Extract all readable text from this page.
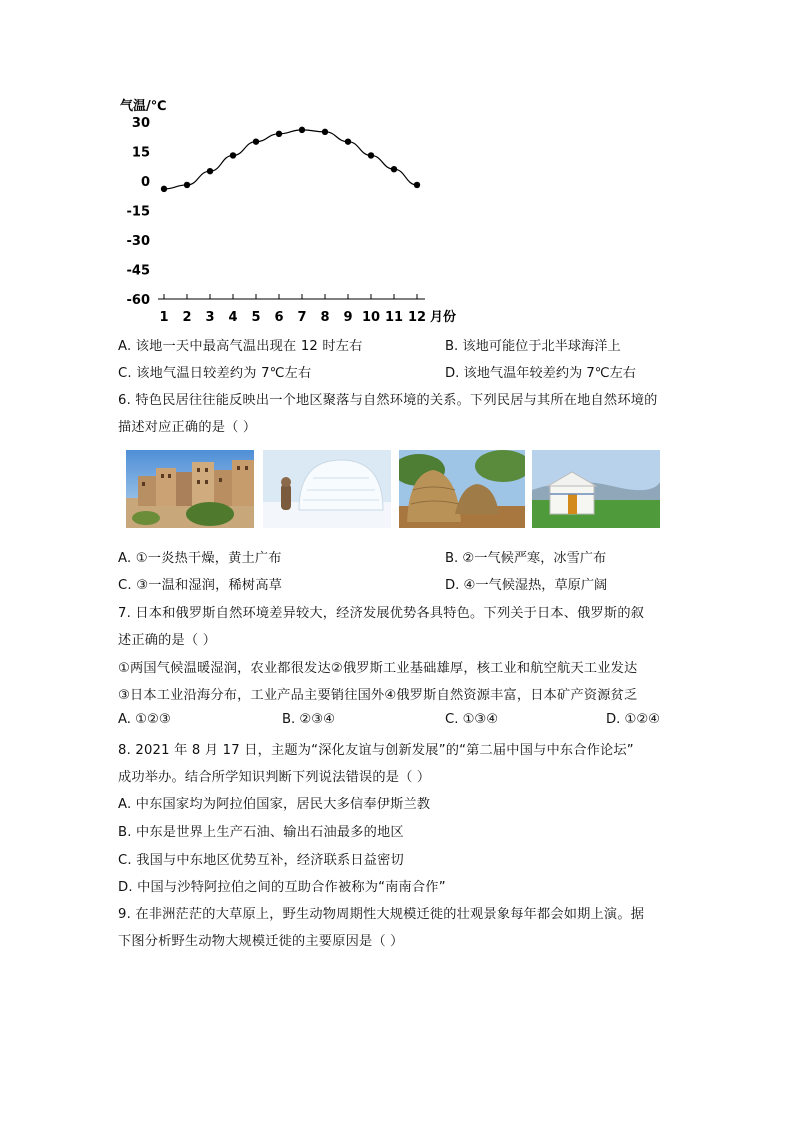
气温/℃
30
15
0
-15
-30
-45
-60
1 2 3 4 5 6 7 8 9 10 11 12 月份
A. 该地一天中最高气温出现在 12 时左右	B. 该地可能位于北半球海洋上
C. 该地气温日较差约为 7℃左右	D. 该地气温年较差约为 7℃左右
6. 特色民居往往能反映出一个地区聚落与自然环境的关系。下列民居与其所在地自然环境的
描述对应正确的是（ ）
A. ①一炎热干燥，黄土广布	B. ②一气候严寒，冰雪广布
C. ③一温和湿润，稀树高草	D. ④一气候湿热，草原广阔
7. 日本和俄罗斯自然环境差异较大，经济发展优势各具特色。下列关于日本、俄罗斯的叙
述正确的是（ ）
①两国气候温暖湿润，农业都很发达②俄罗斯工业基础雄厚，核工业和航空航天工业发达
③日本工业沿海分布，工业产品主要销往国外④俄罗斯自然资源丰富，日本矿产资源贫乏
A. ①②③	B. ②③④	C. ①③④	D. ①②④
8. 2021 年 8 月 17 日，主题为“深化友谊与创新发展”的“第二届中国与中东合作论坛”
成功举办。结合所学知识判断下列说法错误的是（ ）
A. 中东国家均为阿拉伯国家，居民大多信奉伊斯兰教
B. 中东是世界上生产石油、输出石油最多的地区
C. 我国与中东地区优势互补，经济联系日益密切
D. 中国与沙特阿拉伯之间的互助合作被称为“南南合作”
9. 在非洲茫茫的大草原上，野生动物周期性大规模迁徙的壮观景象每年都会如期上演。据
下图分析野生动物大规模迁徙的主要原因是（ ）
